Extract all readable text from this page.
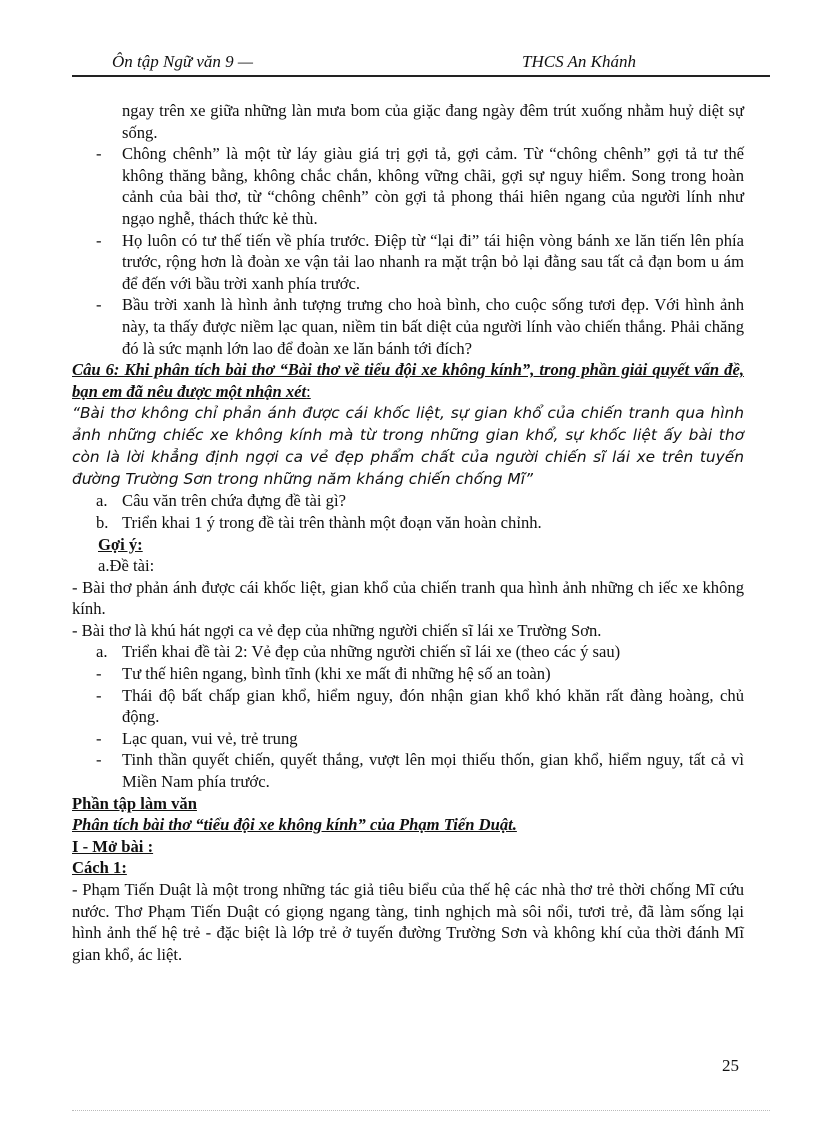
Ôn tập Ngữ văn 9 —	THCS An Khánh

ngay trên xe giữa những làn mưa bom của giặc đang ngày đêm trút xuống nhằm huỷ diệt sự sống.

- Chông chênh” là một từ láy giàu giá trị gợi tả, gợi cảm. Từ “chông chênh” gợi tả tư thế không thăng bằng, không chắc chắn, không vững chãi, gợi sự nguy hiểm. Song trong hoàn cảnh của bài thơ, từ “chông chênh” còn gợi tả phong thái hiên ngang của người lính như ngạo nghễ, thách thức kẻ thù.

- Họ luôn có tư thế tiến về phía trước. Điệp từ “lại đi” tái hiện vòng bánh xe lăn tiến lên phía trước, rộng hơn là đoàn xe vận tải lao nhanh ra mặt trận bỏ lại đằng sau tất cả đạn bom u ám để đến với bầu trời xanh phía trước.

- Bầu trời xanh là hình ảnh tượng trưng cho hoà bình, cho cuộc sống tươi đẹp. Với hình ảnh này, ta thấy được niềm lạc quan, niềm tin bất diệt của người lính vào chiến thắng. Phải chăng đó là sức mạnh lớn lao để đoàn xe lăn bánh tới đích?

Câu 6: Khi phân tích bài thơ “Bài thơ về tiểu đội xe không kính”, trong phần giải quyết vấn đề, bạn em đã nêu được một nhận xét:

“Bài thơ không chỉ phản ánh được cái khốc liệt, sự gian khổ của chiến tranh qua hình ảnh những chiếc xe không kính mà từ trong những gian khổ, sự khốc liệt ấy bài thơ còn là lời khẳng định ngợi ca vẻ đẹp phẩm chất của người chiến sĩ lái xe trên tuyến đường Trường Sơn trong những năm kháng chiến chống Mĩ”

a. Câu văn trên chứa đựng đề tài gì?

b. Triển khai 1 ý trong đề tài trên thành một đoạn văn hoàn chỉnh.

Gợi ý:

a.Đề tài:

- Bài thơ phản ánh được cái khốc liệt, gian khổ của chiến tranh qua hình ảnh những ch iếc xe không kính.

- Bài thơ là khú hát ngợi ca vẻ đẹp của những người chiến sĩ lái xe Trường Sơn.

a. Triển khai đề tài 2: Vẻ đẹp của những người chiến sĩ lái xe (theo các ý sau)

- Tư thế hiên ngang, bình tĩnh (khi xe mất đi những hệ số an toàn)

- Thái độ bất chấp gian khổ, hiểm nguy, đón nhận gian khổ khó khăn rất đàng hoàng, chủ động.

- Lạc quan, vui vẻ, trẻ trung

- Tinh thần quyết chiến, quyết thắng, vượt lên mọi thiếu thốn, gian khổ, hiểm nguy, tất cả vì Miền Nam phía trước.

Phần tập làm văn

Phân tích bài thơ “tiểu đội xe không kính” của Phạm Tiến Duật.

I - Mở bài :

Cách 1:

- Phạm Tiến Duật là một trong những tác giả tiêu biểu của thế hệ các nhà thơ trẻ thời chống Mĩ cứu nước. Thơ Phạm Tiến Duật có giọng ngang tàng, tinh nghịch mà sôi nổi, tươi trẻ, đã làm sống lại hình ảnh thế hệ trẻ - đặc biệt là lớp trẻ ở tuyến đường Trường Sơn và không khí của thời đánh Mĩ gian khổ, ác liệt.

25
